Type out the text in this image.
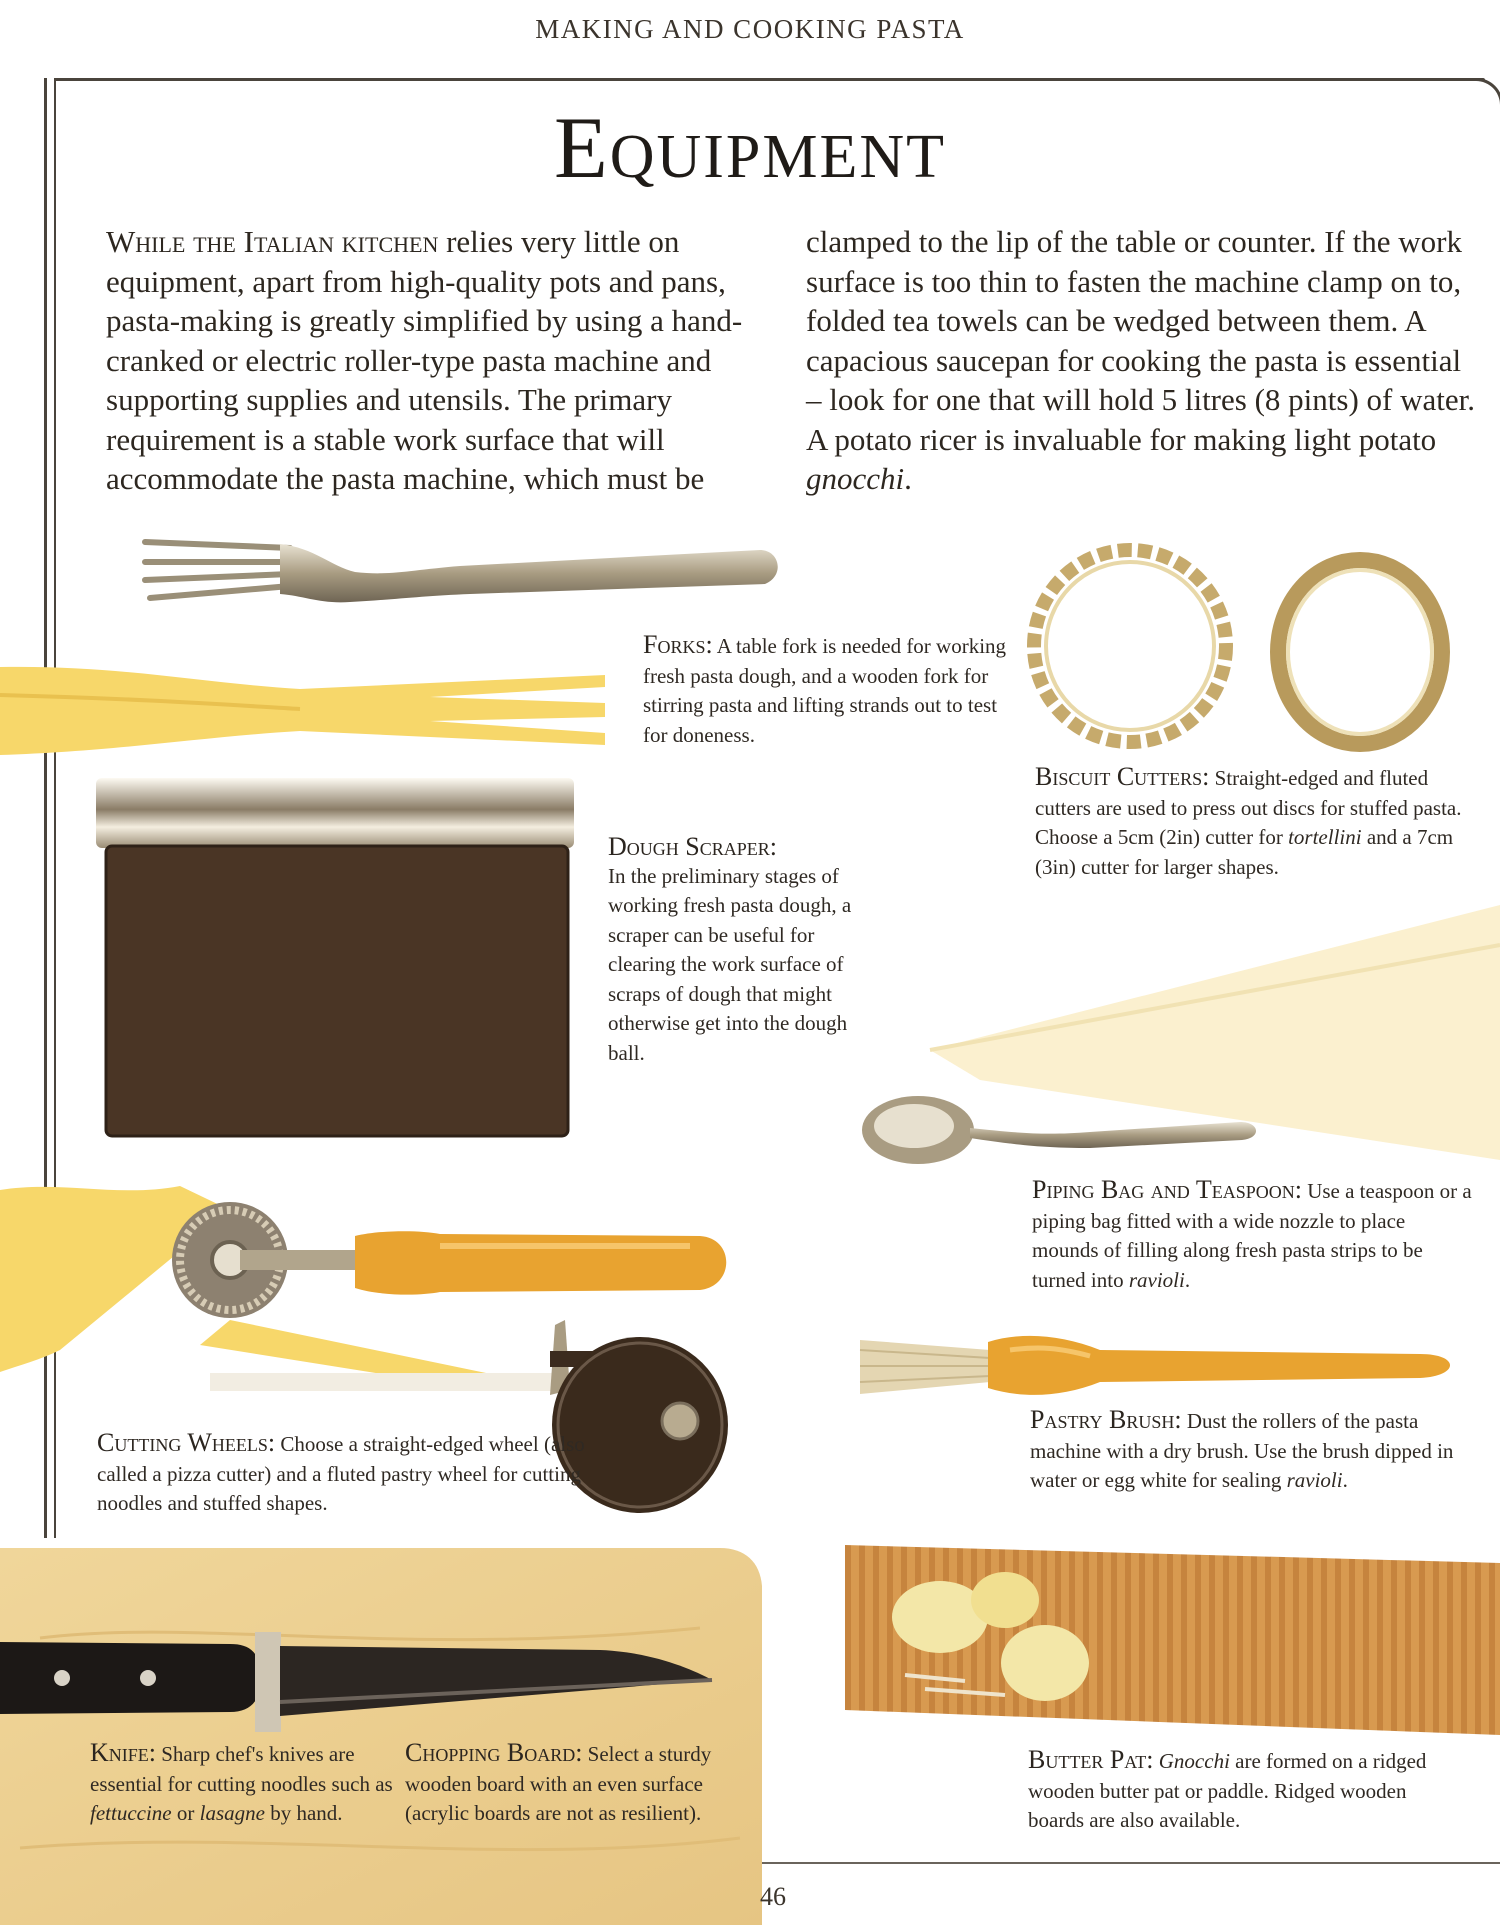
MAKING AND COOKING PASTA
Equipment
While the Italian kitchen relies very little on equipment, apart from high-quality pots and pans, pasta-making is greatly simplified by using a hand-cranked or electric roller-type pasta machine and supporting supplies and utensils. The primary requirement is a stable work surface that will accommodate the pasta machine, which must be
clamped to the lip of the table or counter. If the work surface is too thin to fasten the machine clamp on to, folded tea towels can be wedged between them. A capacious saucepan for cooking the pasta is essential – look for one that will hold 5 litres (8 pints) of water. A potato ricer is invaluable for making light potato gnocchi.
Forks: A table fork is needed for working fresh pasta dough, and a wooden fork for stirring pasta and lifting strands out to test for doneness.
Biscuit Cutters: Straight-edged and fluted cutters are used to press out discs for stuffed pasta. Choose a 5cm (2in) cutter for tortellini and a 7cm (3in) cutter for larger shapes.
Dough Scraper:
In the preliminary stages of working fresh pasta dough, a scraper can be useful for clearing the work surface of scraps of dough that might otherwise get into the dough ball.
Piping Bag and Teaspoon: Use a teaspoon or a piping bag fitted with a wide nozzle to place mounds of filling along fresh pasta strips to be turned into ravioli.
Pastry Brush: Dust the rollers of the pasta machine with a dry brush. Use the brush dipped in water or egg white for sealing ravioli.
Cutting Wheels: Choose a straight-edged wheel (also called a pizza cutter) and a fluted pastry wheel for cutting noodles and stuffed shapes.
Knife: Sharp chef's knives are essential for cutting noodles such as fettuccine or lasagne by hand.
Chopping Board: Select a sturdy wooden board with an even surface (acrylic boards are not as resilient).
Butter Pat: Gnocchi are formed on a ridged wooden butter pat or paddle. Ridged wooden boards are also available.
46
